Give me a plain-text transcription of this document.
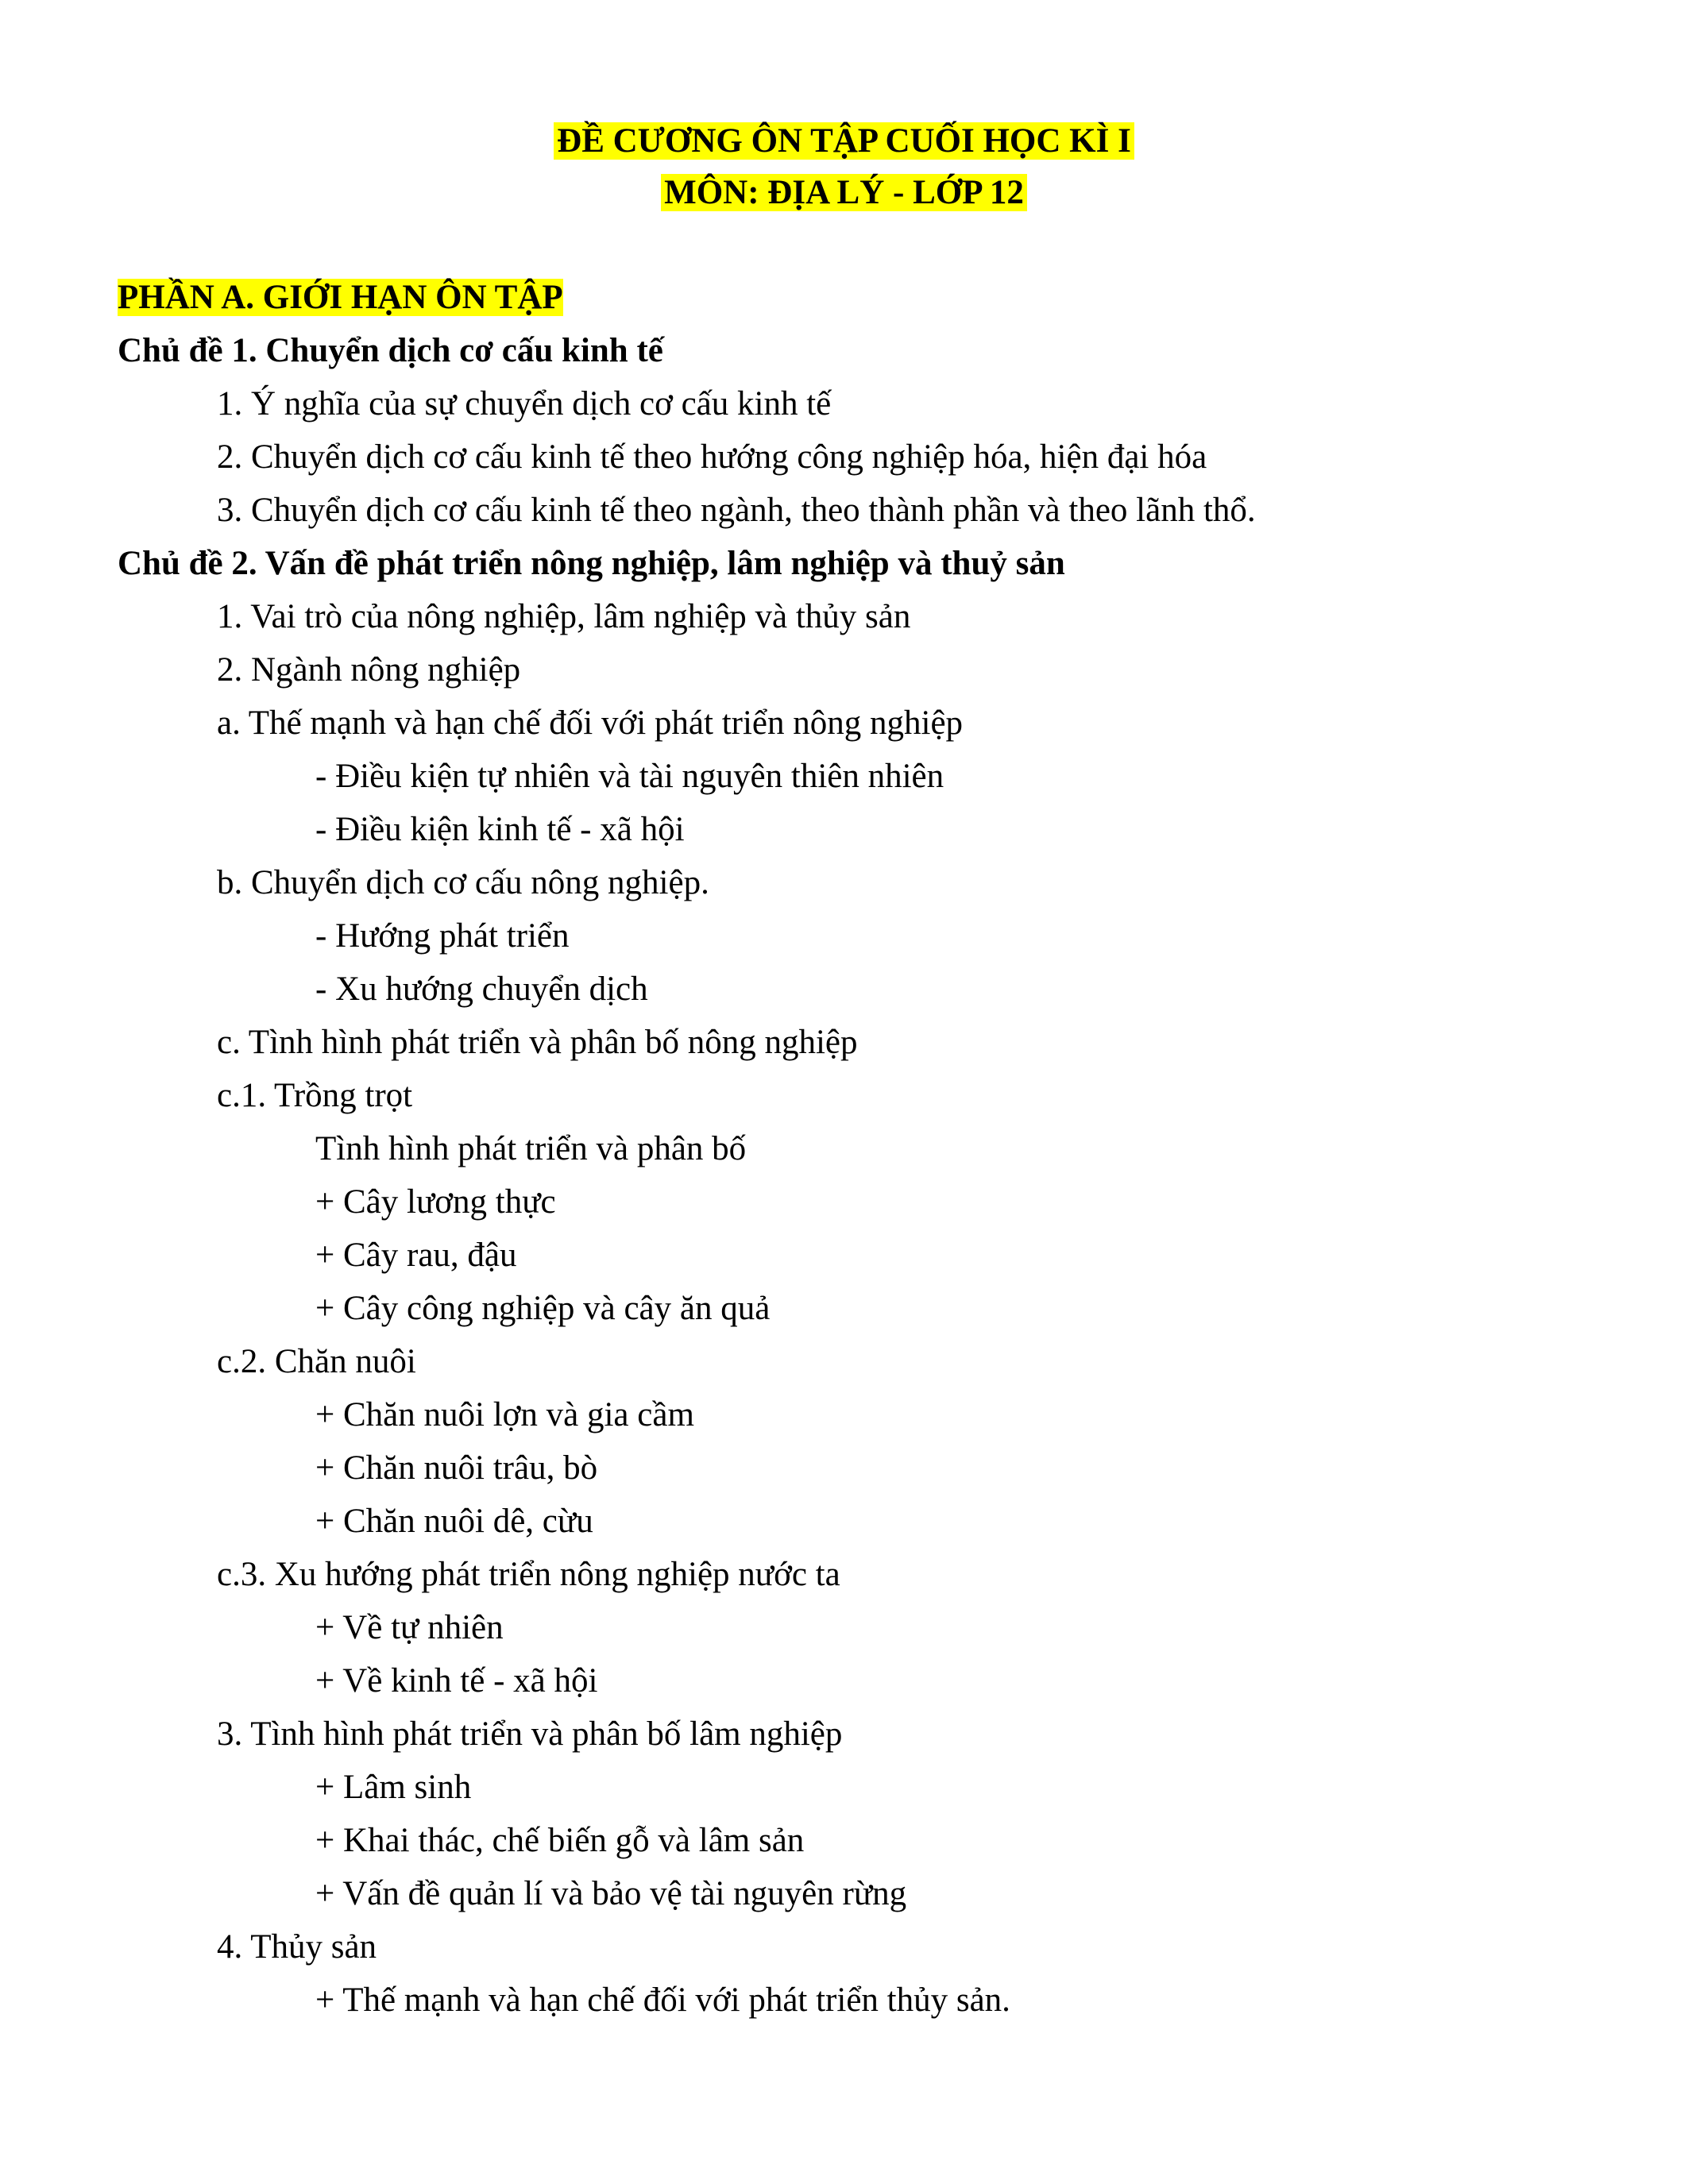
ĐỀ CƯƠNG ÔN TẬP CUỐI HỌC KÌ I
MÔN: ĐỊA LÝ - LỚP 12
PHẦN A. GIỚI HẠN ÔN TẬP
Chủ đề 1. Chuyển dịch cơ cấu kinh tế
1. Ý nghĩa của sự chuyển dịch cơ cấu kinh tế
2. Chuyển dịch cơ cấu kinh tế theo hướng công nghiệp hóa, hiện đại hóa
3. Chuyển dịch cơ cấu kinh tế theo ngành, theo thành phần và theo lãnh thổ.
Chủ đề 2. Vấn đề phát triển nông nghiệp, lâm nghiệp và thuỷ sản
1. Vai trò của nông nghiệp, lâm nghiệp và thủy sản
2. Ngành nông nghiệp
a. Thế mạnh và hạn chế đối với phát triển nông nghiệp
- Điều kiện tự nhiên và tài nguyên thiên nhiên
- Điều kiện kinh tế - xã hội
b. Chuyển dịch cơ cấu nông nghiệp.
- Hướng phát triển
- Xu hướng chuyển dịch
c. Tình hình phát triển và phân bố nông nghiệp
c.1. Trồng trọt
Tình hình phát triển và phân bố
+ Cây lương thực
+ Cây rau, đậu
+ Cây công nghiệp và cây ăn quả
c.2. Chăn nuôi
+ Chăn nuôi lợn và gia cầm
+ Chăn nuôi trâu, bò
+ Chăn nuôi dê, cừu
c.3. Xu hướng phát triển nông nghiệp nước ta
+ Về tự nhiên
+ Về kinh tế - xã hội
3. Tình hình phát triển và phân bố lâm nghiệp
+ Lâm sinh
+ Khai thác, chế biến gỗ và lâm sản
+ Vấn đề quản lí và bảo vệ tài nguyên rừng
4. Thủy sản
+ Thế mạnh và hạn chế đối với phát triển thủy sản.
